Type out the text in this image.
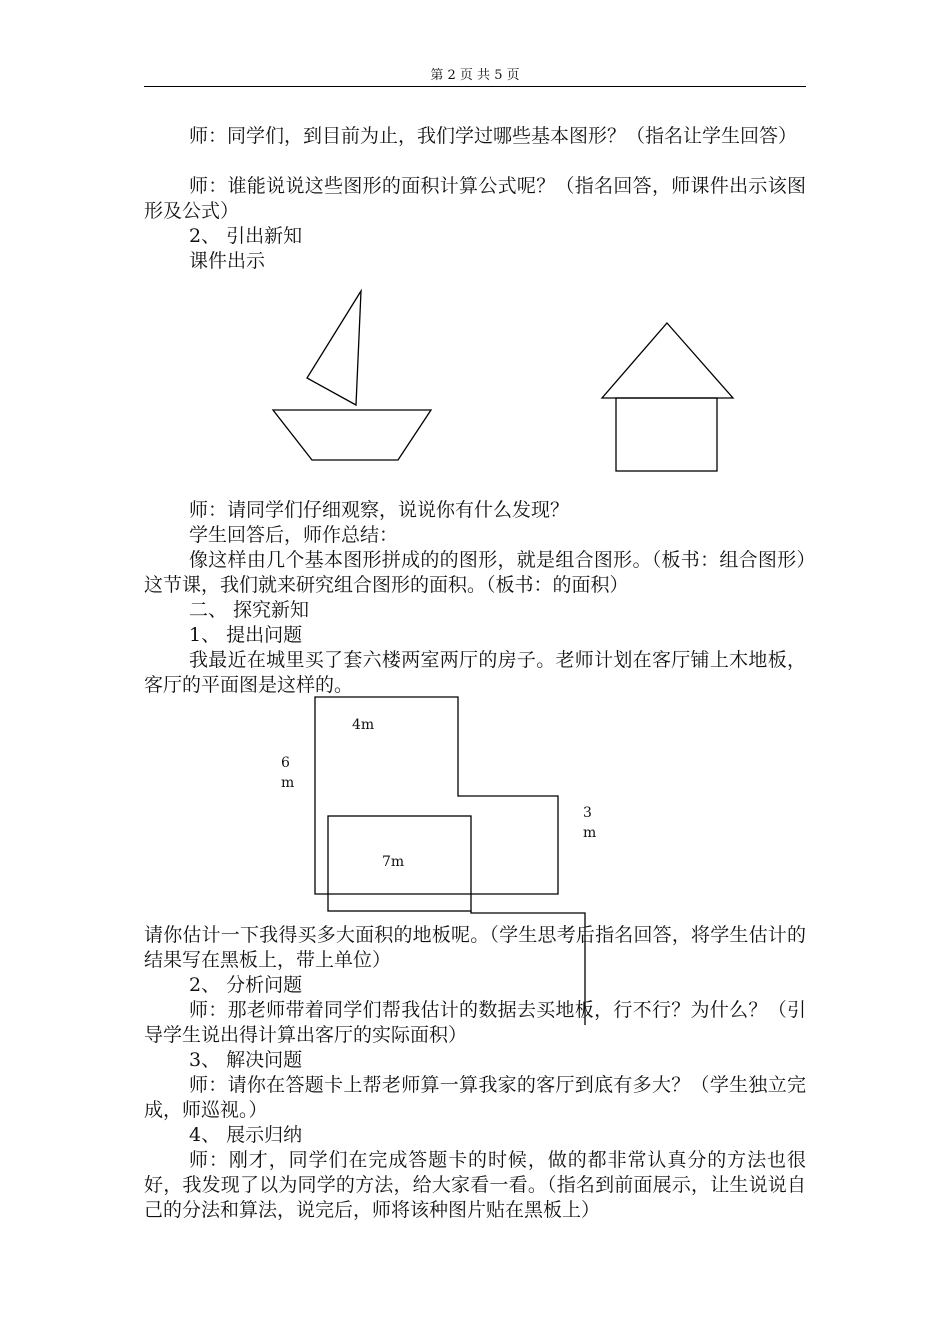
第 2 页 共 5 页

师：同学们，到目前为止，我们学过哪些基本图形？（指名让学生回答）

师：谁能说说这些图形的面积计算公式呢？（指名回答，师课件出示该图形及公式）

2、 引出新知

课件出示

4m
6
m
3
m
7m

师：请同学们仔细观察，说说你有什么发现？

学生回答后，师作总结：

像这样由几个基本图形拼成的的图形，就是组合图形。（板书：组合图形）这节课，我们就来研究组合图形的面积。（板书：的面积）

二、 探究新知

1、 提出问题

我最近在城里买了套六楼两室两厅的房子。老师计划在客厅铺上木地板，客厅的平面图是这样的。

请你估计一下我得买多大面积的地板呢。（学生思考后指名回答，将学生估计的结果写在黑板上，带上单位）

2、 分析问题

师：那老师带着同学们帮我估计的数据去买地板，行不行？为什么？（引导学生说出得计算出客厅的实际面积）

3、 解决问题

师：请你在答题卡上帮老师算一算我家的客厅到底有多大？（学生独立完成，师巡视。）

4、 展示归纳

师：刚才，同学们在完成答题卡的时候，做的都非常认真分的方法也很好，我发现了以为同学的方法，给大家看一看。（指名到前面展示，让生说说自己的分法和算法，说完后，师将该种图片贴在黑板上）
